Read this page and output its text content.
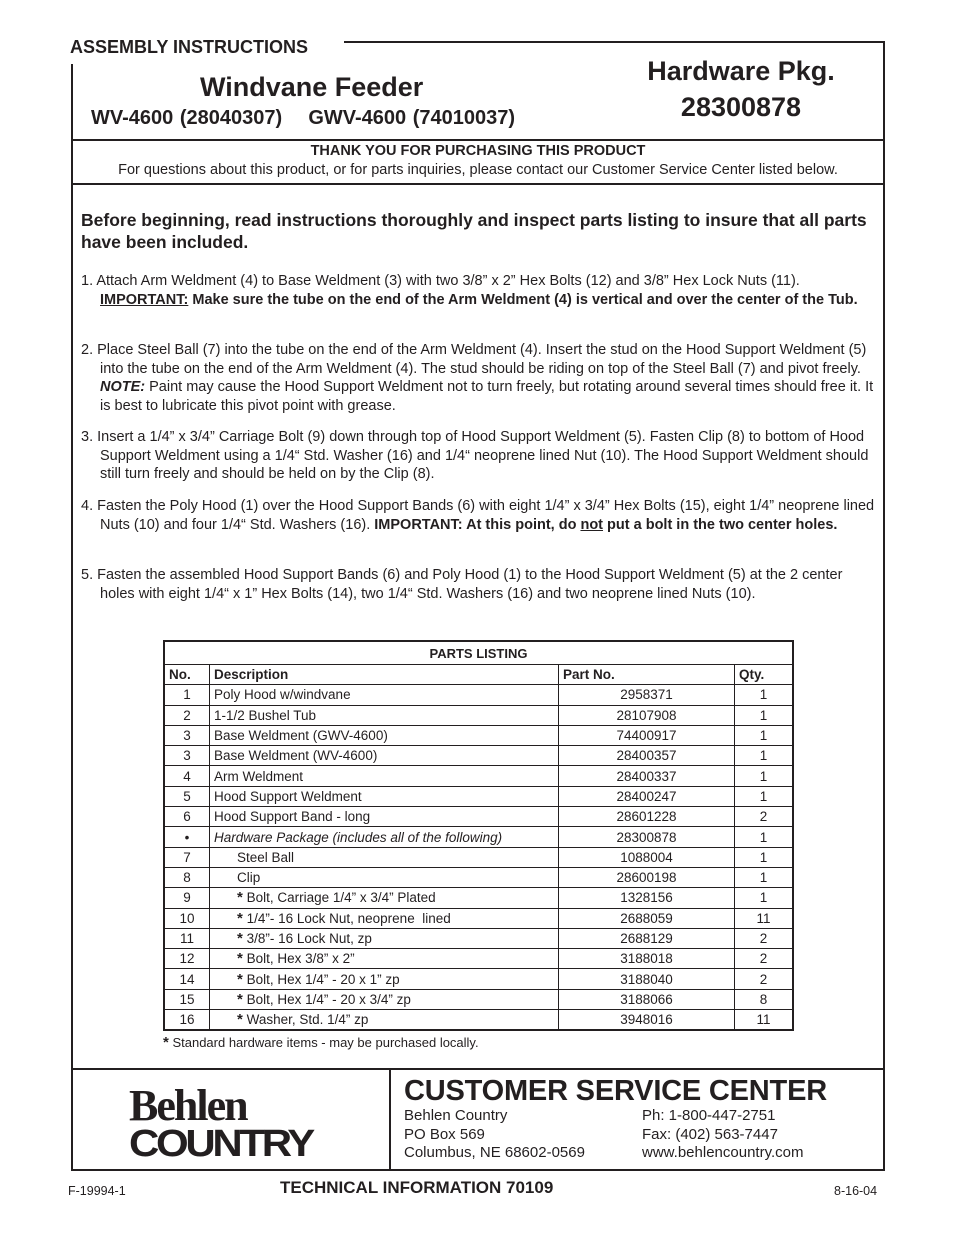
ASSEMBLY INSTRUCTIONS
Windvane Feeder
WV-4600 (28040307)    GWV-4600 (74010037)
Hardware Pkg.
28300878
THANK YOU FOR PURCHASING THIS PRODUCT
For questions about this product, or for parts inquiries, please contact our Customer Service Center listed below.
Before beginning, read instructions thoroughly and inspect parts listing to insure that all parts have been included.
1. Attach Arm Weldment (4) to Base Weldment (3) with two 3/8” x 2” Hex Bolts (12) and 3/8” Hex Lock Nuts (11).

IMPORTANT: Make sure the tube on the end of the Arm Weldment (4) is vertical and over the center of the Tub.
2. Place Steel Ball (7) into the tube on the end of the Arm Weldment (4). Insert the stud on the Hood Support Weldment (5) into the tube on the end of the Arm Weldment (4). The stud should be riding on top of the Steel Ball (7) and pivot freely. NOTE: Paint may cause the Hood Support Weldment not to turn freely, but rotating around several times should free it. It is best to lubricate this pivot point with grease.
3. Insert a 1/4” x 3/4” Carriage Bolt (9) down through top of Hood Support Weldment (5). Fasten Clip (8) to bottom of Hood Support Weldment using a 1/4“ Std. Washer (16) and 1/4“ neoprene lined Nut (10). The Hood Support Weldment should still turn freely and should be held on by the Clip (8).
4. Fasten the Poly Hood (1) over the Hood Support Bands (6) with eight 1/4” x 3/4” Hex Bolts (15), eight 1/4” neoprene lined Nuts (10) and four 1/4“ Std. Washers (16). IMPORTANT: At this point, do not put a bolt in the two center holes.
5. Fasten the assembled Hood Support Bands (6) and Poly Hood (1) to the Hood Support Weldment (5) at the 2 center holes with eight 1/4“ x 1” Hex Bolts (14), two 1/4“ Std. Washers (16) and two neoprene lined Nuts (10).
PARTS LISTING			
No.	Description	Part No.	Qty.
1	Poly Hood w/windvane	2958371	1
2	1-1/2 Bushel Tub	28107908	1
3	Base Weldment (GWV-4600)	74400917	1
3	Base Weldment (WV-4600)	28400357	1
4	Arm Weldment	28400337	1
5	Hood Support Weldment	28400247	1
6	Hood Support Band - long	28601228	2
•	Hardware Package (includes all of the following)	28300878	1
7	Steel Ball	1088004	1
8	Clip	28600198	1
9	* Bolt, Carriage 1/4” x 3/4” Plated	1328156	1
10	* 1/4”- 16 Lock Nut, neoprene  lined	2688059	11
11	* 3/8”- 16 Lock Nut, zp	2688129	2
12	* Bolt, Hex 3/8” x 2”	3188018	2
14	* Bolt, Hex 1/4” - 20 x 1” zp	3188040	2
15	* Bolt, Hex 1/4” - 20 x 3/4” zp	3188066	8
16	* Washer, Std. 1/4” zp	3948016	11
* Standard hardware items - may be purchased locally.
Behlen
COUNTRY
CUSTOMER SERVICE CENTER
Behlen Country
PO Box 569
Columbus, NE 68602-0569
Ph: 1-800-447-2751
Fax: (402) 563-7447
www.behlencountry.com
F-19994-1	TECHNICAL INFORMATION 70109	8-16-04
